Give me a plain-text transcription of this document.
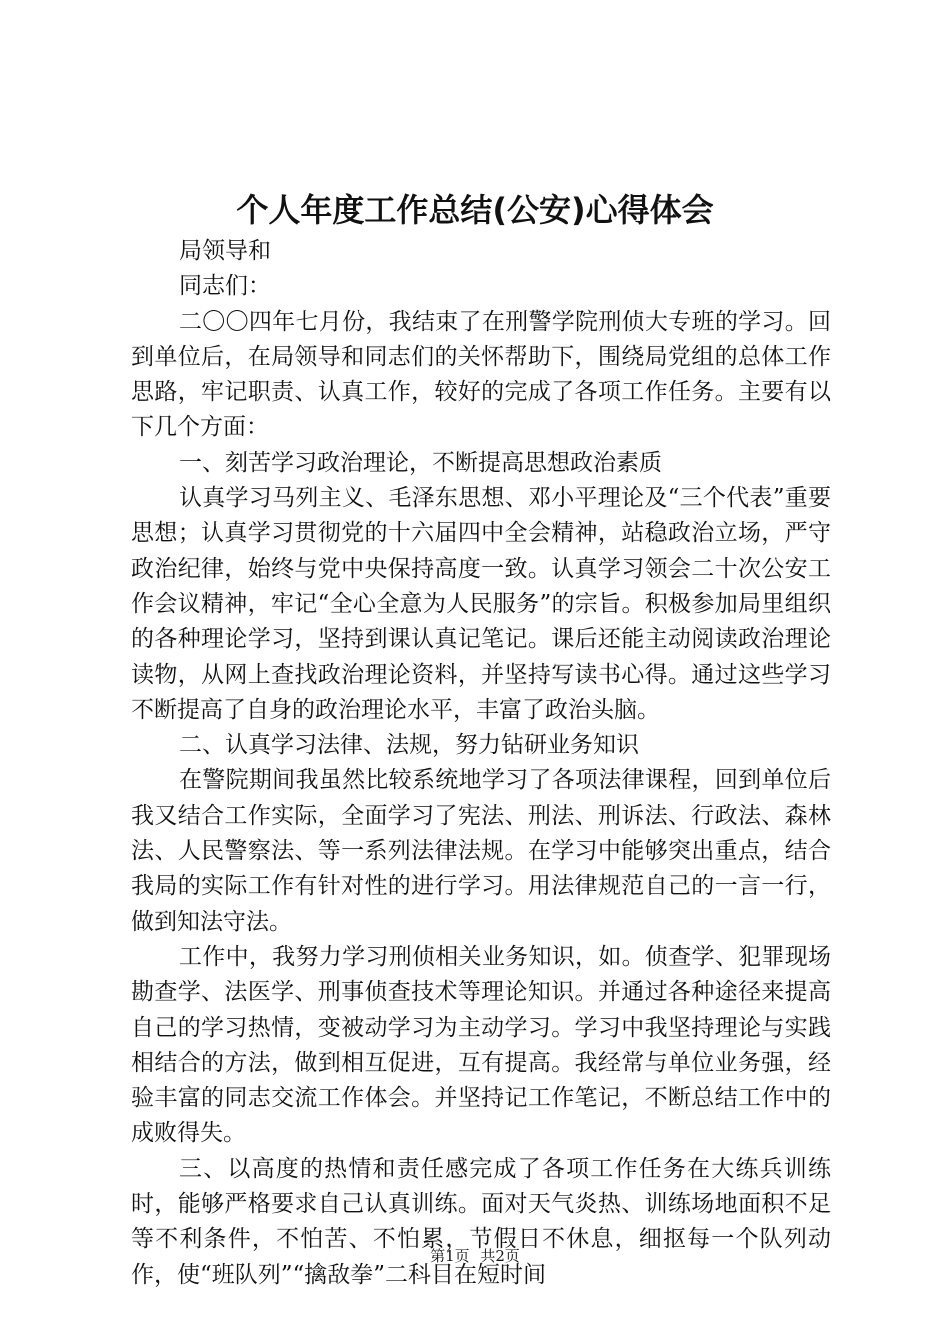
个人年度工作总结(公安)心得体会

局领导和

同志们：

二〇〇四年七月份，我结束了在刑警学院刑侦大专班的学习。回到单位后，在局领导和同志们的关怀帮助下，围绕局党组的总体工作思路，牢记职责、认真工作，较好的完成了各项工作任务。主要有以下几个方面：

一、刻苦学习政治理论，不断提高思想政治素质

认真学习马列主义、毛泽东思想、邓小平理论及“三个代表”重要思想；认真学习贯彻党的十六届四中全会精神，站稳政治立场，严守政治纪律，始终与党中央保持高度一致。认真学习领会二十次公安工作会议精神，牢记“全心全意为人民服务”的宗旨。积极参加局里组织的各种理论学习，坚持到课认真记笔记。课后还能主动阅读政治理论读物，从网上查找政治理论资料，并坚持写读书心得。通过这些学习不断提高了自身的政治理论水平，丰富了政治头脑。

二、认真学习法律、法规，努力钻研业务知识

在警院期间我虽然比较系统地学习了各项法律课程，回到单位后我又结合工作实际，全面学习了宪法、刑法、刑诉法、行政法、森林法、人民警察法、等一系列法律法规。在学习中能够突出重点，结合我局的实际工作有针对性的进行学习。用法律规范自己的一言一行，做到知法守法。

工作中，我努力学习刑侦相关业务知识，如。侦查学、犯罪现场勘查学、法医学、刑事侦查技术等理论知识。并通过各种途径来提高自己的学习热情，变被动学习为主动学习。学习中我坚持理论与实践相结合的方法，做到相互促进，互有提高。我经常与单位业务强，经验丰富的同志交流工作体会。并坚持记工作笔记，不断总结工作中的成败得失。

三、以高度的热情和责任感完成了各项工作任务在大练兵训练时，能够严格要求自己认真训练。面对天气炎热、训练场地面积不足等不利条件，不怕苦、不怕累，节假日不休息，细抠每一个队列动作，使“班队列”“擒敌拳”二科目在短时间

第1页 共2页
